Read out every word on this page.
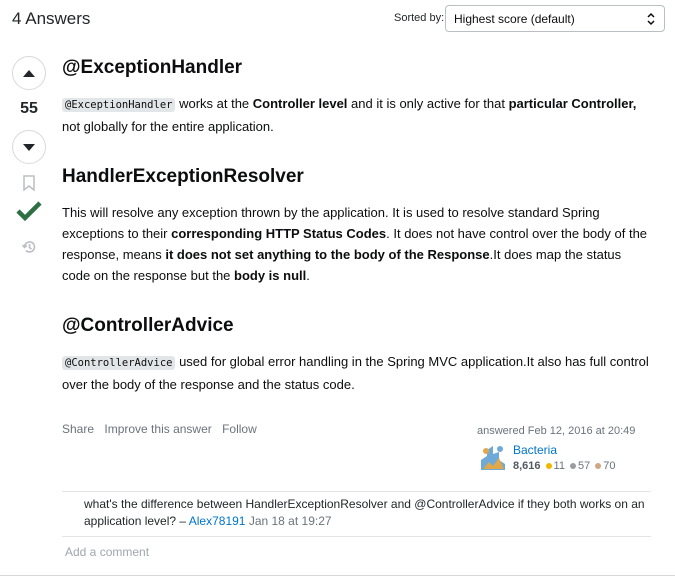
4 Answers	Sorted by: Highest score (default)
55
@ExceptionHandler

@ExceptionHandler works at the Controller level and it is only active for that particular Controller, not globally for the entire application.

HandlerExceptionResolver

This will resolve any exception thrown by the application. It is used to resolve standard Spring exceptions to their corresponding HTTP Status Codes. It does not have control over the body of the response, means it does not set anything to the body of the Response.It does map the status code on the response but the body is null.

@ControllerAdvice

@ControllerAdvice used for global error handling in the Spring MVC application.It also has full control over the body of the response and the status code.

Share Improve this answer Follow	answered Feb 12, 2016 at 20:49
Bacteria
8,616 11 57 70
what's the difference between HandlerExceptionResolver and @ControllerAdvice if they both works on an application level? – Alex78191 Jan 18 at 19:27
Add a comment
